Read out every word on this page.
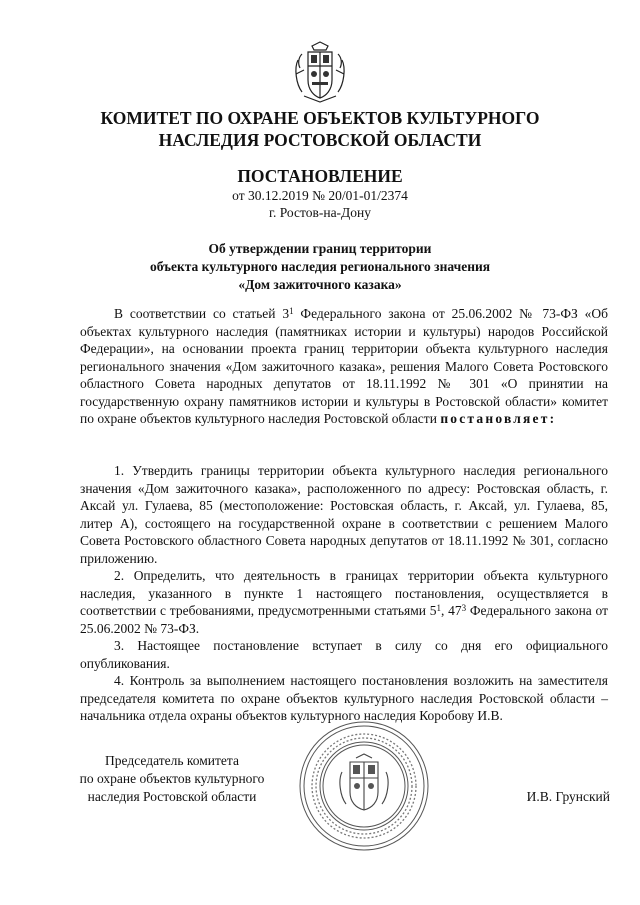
КОМИТЕТ ПО ОХРАНЕ ОБЪЕКТОВ КУЛЬТУРНОГО
НАСЛЕДИЯ РОСТОВСКОЙ ОБЛАСТИ
ПОСТАНОВЛЕНИЕ
от 30.12.2019 № 20/01-01/2374
г. Ростов-на-Дону
Об утверждении границ территории
объекта культурного наследия регионального значения
«Дом зажиточного казака»

В соответствии со статьей $3^1$ Федерального закона от 25.06.2002 № 73-ФЗ «Об объектах культурного наследия (памятниках истории и культуры) народов Российской Федерации», на основании проекта границ территории объекта культурного наследия регионального значения «Дом зажиточного казака», решения Малого Совета Ростовского областного Совета народных депутатов от 18.11.1992 № 301 «О принятии на государственную охрану памятников истории и культуры в Ростовской области» комитет по охране объектов культурного наследия Ростовской области постановляет:

1. Утвердить границы территории объекта культурного наследия регионального значения «Дом зажиточного казака», расположенного по адресу: Ростовская область, г. Аксай ул. Гулаева, 85 (местоположение: Ростовская область, г. Аксай, ул. Гулаева, 85, литер А), состоящего на государственной охране в соответствии с решением Малого Совета Ростовского областного Совета народных депутатов от 18.11.1992 № 301, согласно приложению.

2. Определить, что деятельность в границах территории объекта культурного наследия, указанного в пункте 1 настоящего постановления, осуществляется в соответствии с требованиями, предусмотренными статьями $5^1$, $47^3$ Федерального закона от 25.06.2002 № 73-ФЗ.

3. Настоящее постановление вступает в силу со дня его официального опубликования.

4. Контроль за выполнением настоящего постановления возложить на заместителя председателя комитета по охране объектов культурного наследия Ростовской области – начальника отдела охраны объектов культурного наследия Коробову И.В.

Председатель комитета
по охране объектов культурного
наследия Ростовской области	И.В. Грунский
